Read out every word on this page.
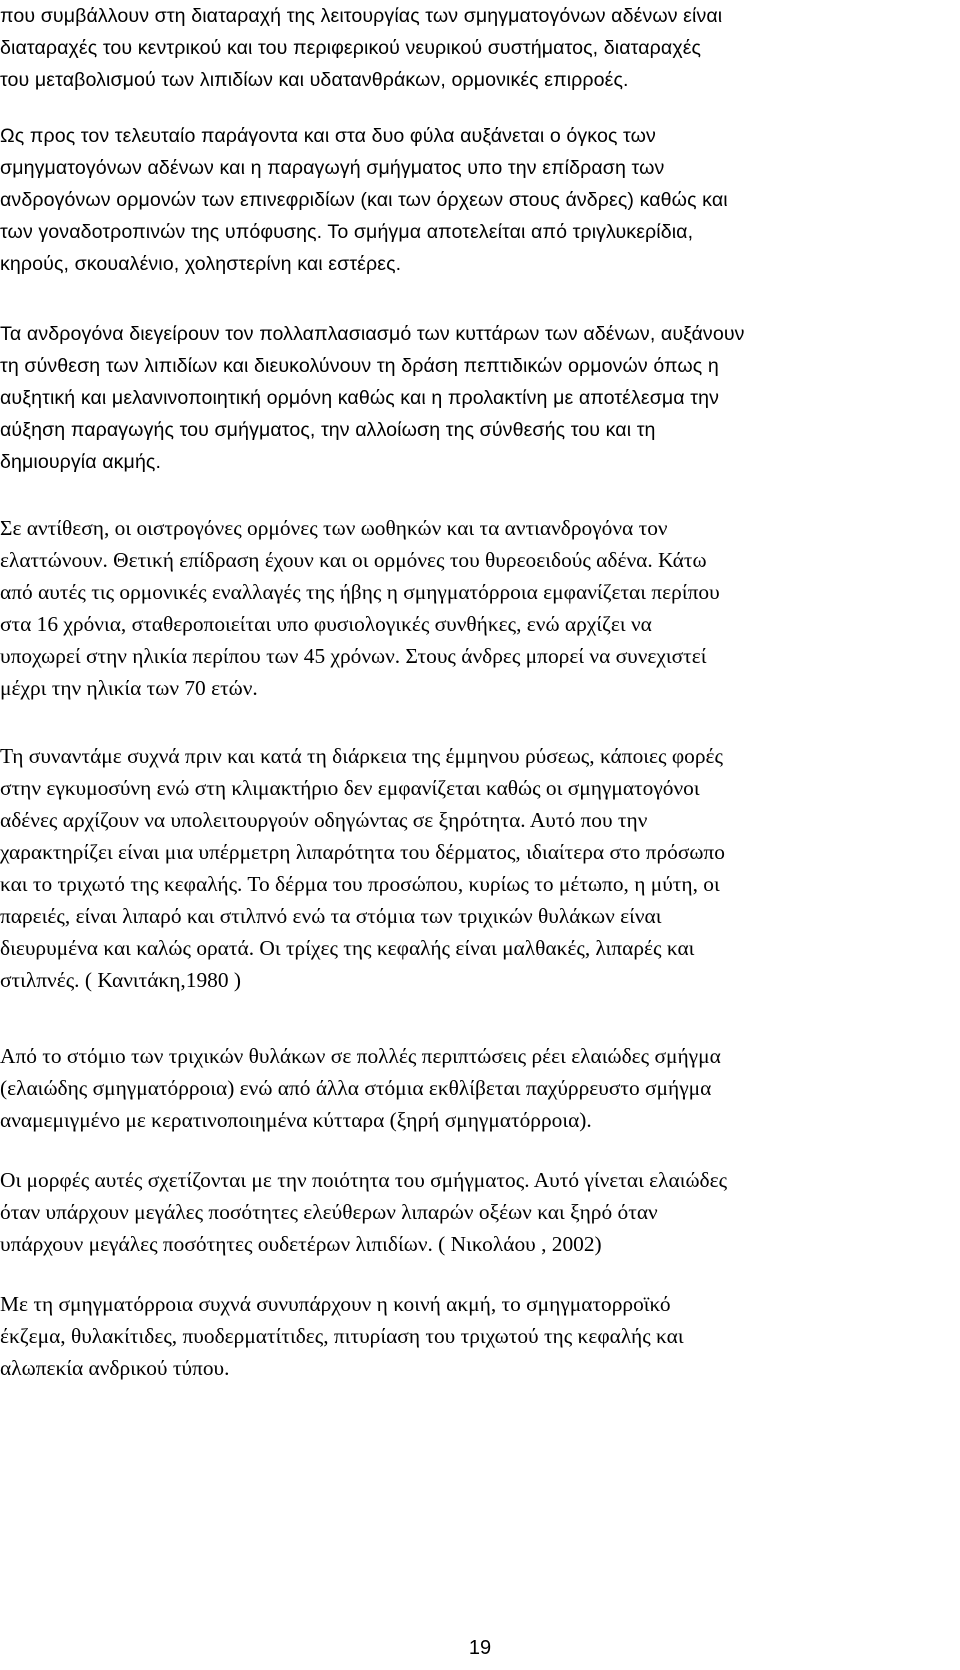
που συμβάλλουν στη διαταραχή της λειτουργίας των σμηγματογόνων αδένων είναι
διαταραχές του κεντρικού και του περιφερικού νευρικού συστήματος, διαταραχές
του μεταβολισμού των λιπιδίων και υδατανθράκων, ορμονικές επιρροές.
Ως προς τον τελευταίο παράγοντα και στα δυο φύλα αυξάνεται ο όγκος των
σμηγματογόνων αδένων και η παραγωγή σμήγματος υπο την επίδραση των
ανδρογόνων ορμονών των επινεφριδίων (και των όρχεων στους άνδρες) καθώς και
των γοναδοτροπινών της υπόφυσης. Το σμήγμα αποτελείται από τριγλυκερίδια,
κηρούς, σκουαλένιο, χοληστερίνη και εστέρες.
Τα ανδρογόνα διεγείρουν τον πολλαπλασιασμό των κυττάρων των αδένων, αυξάνουν
τη σύνθεση των λιπιδίων και διευκολύνουν τη δράση πεπτιδικών ορμονών όπως η
αυξητική και μελανινοποιητική ορμόνη καθώς και η προλακτίνη με αποτέλεσμα την
αύξηση παραγωγής του σμήγματος, την αλλοίωση της σύνθεσής του και τη
δημιουργία ακμής.
Σε αντίθεση, οι οιστρογόνες ορμόνες των ωοθηκών και τα αντιανδρογόνα τον
ελαττώνουν. Θετική επίδραση έχουν και οι ορμόνες του θυρεοειδούς αδένα. Κάτω
από αυτές τις ορμονικές εναλλαγές της ήβης η σμηγματόρροια εμφανίζεται περίπου
στα 16 χρόνια, σταθεροποιείται υπο φυσιολογικές συνθήκες, ενώ αρχίζει να
υποχωρεί στην ηλικία περίπου των 45 χρόνων. Στους άνδρες μπορεί να συνεχιστεί
μέχρι την ηλικία των 70 ετών.
Τη συναντάμε συχνά πριν και κατά τη διάρκεια της έμμηνου ρύσεως, κάποιες φορές
στην εγκυμοσύνη ενώ στη κλιμακτήριο δεν εμφανίζεται καθώς οι σμηγματογόνοι
αδένες αρχίζουν να υπολειτουργούν οδηγώντας σε ξηρότητα. Αυτό που την
χαρακτηρίζει είναι μια υπέρμετρη λιπαρότητα του δέρματος, ιδιαίτερα στο πρόσωπο
και το τριχωτό της κεφαλής. Το δέρμα του προσώπου, κυρίως το μέτωπο, η μύτη, οι
παρειές, είναι λιπαρό και στιλπνό ενώ τα στόμια των τριχικών θυλάκων είναι
διευρυμένα και καλώς ορατά. Οι τρίχες της κεφαλής είναι μαλθακές, λιπαρές και
στιλπνές. ( Κανιτάκη,1980 )
Από το στόμιο των τριχικών θυλάκων σε πολλές περιπτώσεις ρέει ελαιώδες σμήγμα
(ελαιώδης σμηγματόρροια) ενώ από άλλα στόμια εκθλίβεται παχύρρευστο σμήγμα
αναμεμιγμένο με κερατινοποιημένα κύτταρα (ξηρή σμηγματόρροια).
Οι μορφές αυτές σχετίζονται με την ποιότητα του σμήγματος. Αυτό γίνεται ελαιώδες
όταν υπάρχουν μεγάλες ποσότητες ελεύθερων λιπαρών οξέων και ξηρό όταν
υπάρχουν μεγάλες ποσότητες ουδετέρων λιπιδίων. ( Νικολάου , 2002)
Με τη σμηγματόρροια συχνά συνυπάρχουν η κοινή ακμή, το σμηγματορροϊκό
έκζεμα, θυλακίτιδες, πυοδερματίτιδες, πιτυρίαση του τριχωτού της κεφαλής και
αλωπεκία ανδρικού τύπου.
19
